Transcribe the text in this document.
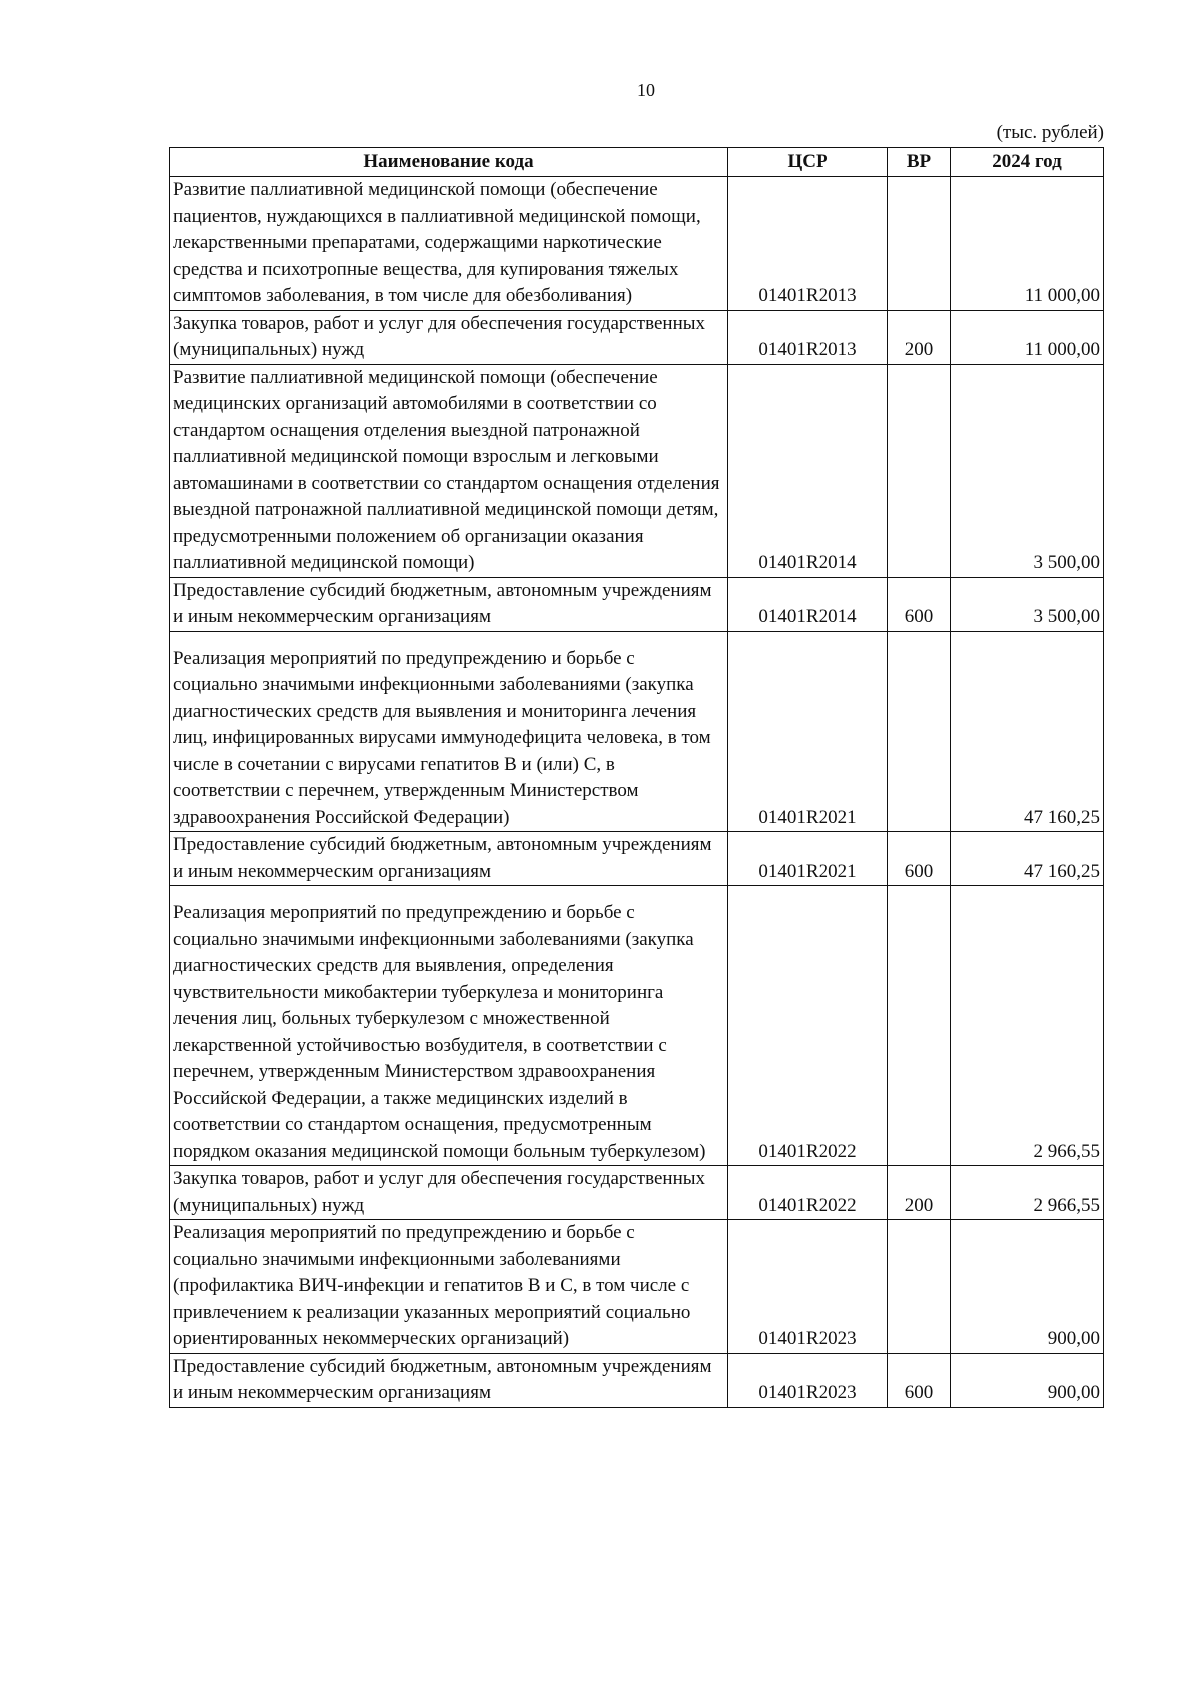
10
(тыс. рублей)
Наименование кода	ЦСР	ВР	2024 год
Развитие паллиативной медицинской помощи (обеспечение пациентов, нуждающихся в паллиативной медицинской помощи, лекарственными препаратами, содержащими наркотические средства и психотропные вещества, для купирования тяжелых симптомов заболевания, в том числе для обезболивания)	01401R2013		11 000,00
Закупка товаров, работ и услуг для обеспечения государственных (муниципальных) нужд	01401R2013	200	11 000,00
Развитие паллиативной медицинской помощи (обеспечение медицинских организаций автомобилями в соответствии со стандартом оснащения отделения выездной патронажной паллиативной медицинской помощи взрослым и легковыми автомашинами в соответствии со стандартом оснащения отделения выездной патронажной паллиативной медицинской помощи детям, предусмотренными положением об организации оказания паллиативной медицинской помощи)	01401R2014		3 500,00
Предоставление субсидий бюджетным, автономным учреждениям и иным некоммерческим организациям	01401R2014	600	3 500,00
Реализация мероприятий по предупреждению и борьбе с социально значимыми инфекционными заболеваниями (закупка диагностических средств для выявления и мониторинга лечения лиц, инфицированных вирусами иммунодефицита человека, в том числе в сочетании с вирусами гепатитов В и (или) С, в соответствии с перечнем, утвержденным Министерством здравоохранения Российской Федерации)	01401R2021		47 160,25
Предоставление субсидий бюджетным, автономным учреждениям и иным некоммерческим организациям	01401R2021	600	47 160,25
Реализация мероприятий по предупреждению и борьбе с социально значимыми инфекционными заболеваниями (закупка диагностических средств для выявления, определения чувствительности микобактерии туберкулеза и мониторинга лечения лиц, больных туберкулезом с множественной лекарственной устойчивостью возбудителя, в соответствии с перечнем, утвержденным Министерством здравоохранения Российской Федерации, а также медицинских изделий в соответствии со стандартом оснащения, предусмотренным порядком оказания медицинской помощи больным туберкулезом)	01401R2022		2 966,55
Закупка товаров, работ и услуг для обеспечения государственных (муниципальных) нужд	01401R2022	200	2 966,55
Реализация мероприятий по предупреждению и борьбе с социально значимыми инфекционными заболеваниями (профилактика ВИЧ-инфекции и гепатитов В и С, в том числе с привлечением к реализации указанных мероприятий социально ориентированных некоммерческих организаций)	01401R2023		900,00
Предоставление субсидий бюджетным, автономным учреждениям и иным некоммерческим организациям	01401R2023	600	900,00
